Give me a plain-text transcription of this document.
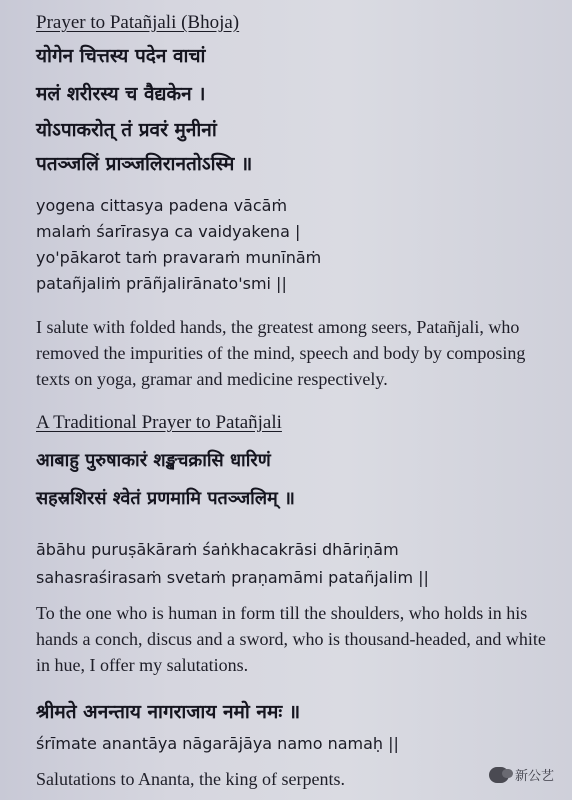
Prayer to Patañjali (Bhoja)
योगेन चित्तस्य पदेन वाचां
मलं शरीरस्य च वैद्यकेन ।
योऽपाकरोत् तं प्रवरं मुनीनां
पतञ्जलिं प्राञ्जलिरानतोऽस्मि ॥
yogena cittasya padena vācāṁ
malaṁ śarīrasya ca vaidyakena |
yo'pākarot taṁ pravaraṁ munīnāṁ
patañjaliṁ prāñjalirānato'smi ||
I salute with folded hands, the greatest among seers, Patañjali, who removed the impurities of the mind, speech and body by composing texts on yoga, gramar and medicine respectively.
A Traditional Prayer to Patañjali
आबाहु पुरुषाकारं शङ्खचक्रासि धारिणं
सहस्रशिरसं श्वेतं प्रणमामि पतञ्जलिम् ॥
ābāhu puruṣākāraṁ śaṅkhacakrāsi dhāriṇām
sahasraśirasaṁ svetaṁ praṇamāmi patañjalim ||
To the one who is human in form till the shoulders, who holds in his hands a conch, discus and a sword, who is thousand-headed, and white in hue, I offer my salutations.
श्रीमते अनन्ताय नागराजाय नमो नमः ॥
śrīmate anantāya nāgarājāya namo namaḥ ||
Salutations to Ananta, the king of serpents.	新公艺
